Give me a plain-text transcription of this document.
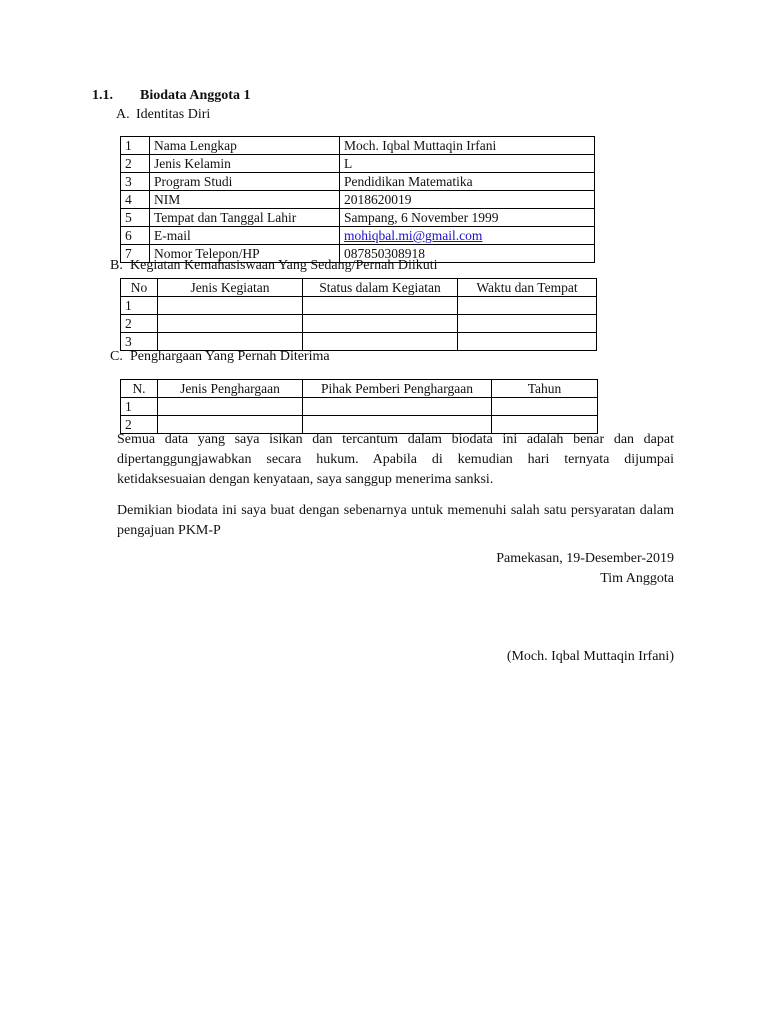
1.1. Biodata Anggota 1
A. Identitas Diri
1	Nama Lengkap	Moch. Iqbal Muttaqin Irfani
2	Jenis Kelamin	L
3	Program Studi	Pendidikan Matematika
4	NIM	2018620019
5	Tempat dan Tanggal Lahir	Sampang, 6 November 1999
6	E-mail	mohiqbal.mi@gmail.com
7	Nomor Telepon/HP	087850308918
B. Kegiatan Kemahasiswaan Yang Sedang/Pernah Diikuti
No	Jenis Kegiatan	Status dalam Kegiatan	Waktu dan Tempat
1			
2			
3			
C. Penghargaan Yang Pernah Diterima
N.	Jenis Penghargaan	Pihak Pemberi Penghargaan	Tahun
1			
2			
Semua data yang saya isikan dan tercantum dalam biodata ini adalah benar dan dapat dipertanggungjawabkan secara hukum. Apabila di kemudian hari ternyata dijumpai ketidaksesuaian dengan kenyataan, saya sanggup menerima sanksi.
Demikian biodata ini saya buat dengan sebenarnya untuk memenuhi salah satu persyaratan dalam pengajuan PKM-P
Pamekasan, 19-Desember-2019
Tim Anggota
(Moch. Iqbal Muttaqin Irfani)
